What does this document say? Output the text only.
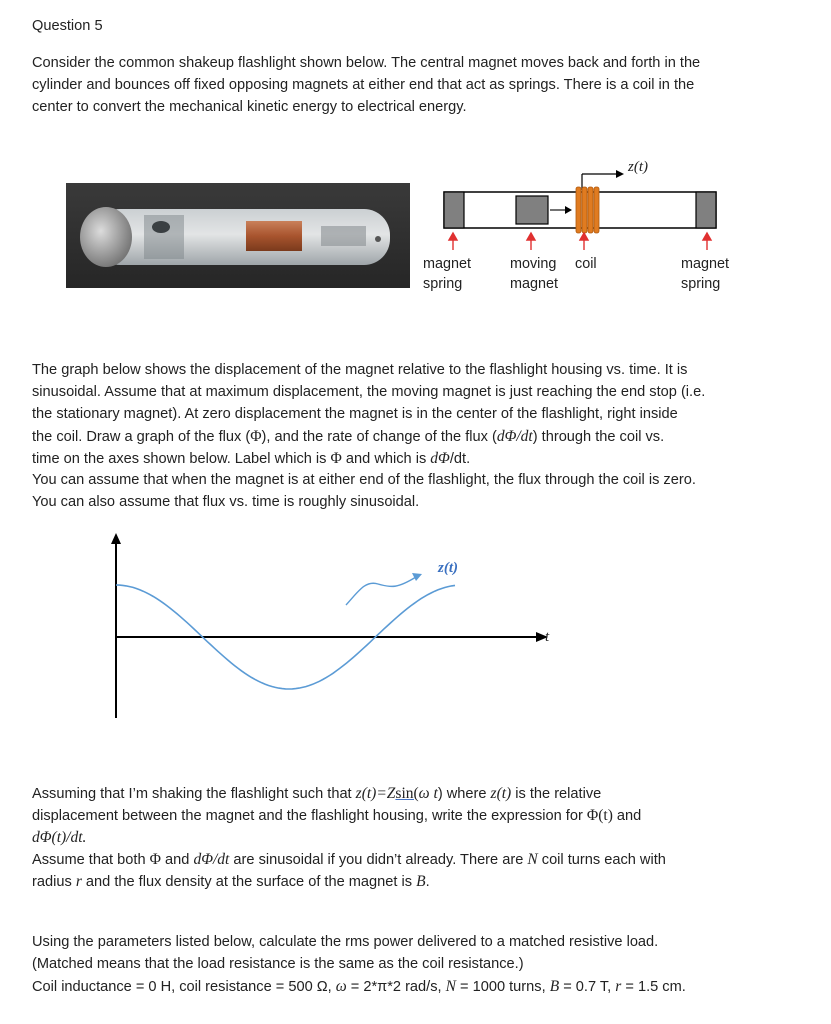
Question 5
Consider the common shakeup flashlight shown below. The central magnet moves back and forth in the
cylinder and bounces off fixed opposing magnets at either end that act as springs. There is a coil in the
center to convert the mechanical kinetic energy to electrical energy.
z(t)
magnet
spring
moving
magnet
coil	magnet
spring
The graph below shows the displacement of the magnet relative to the flashlight housing vs. time. It is
sinusoidal. Assume that at maximum displacement, the moving magnet is just reaching the end stop (i.e.
the stationary magnet). At zero displacement the magnet is in the center of the flashlight, right inside
the coil. Draw a graph of the flux (Φ), and the rate of change of the flux (dΦ/dt) through the coil vs.
time on the axes shown below. Label which is Φ and which is dΦ/dt.
You can assume that when the magnet is at either end of the flashlight, the flux through the coil is zero.
You can also assume that flux vs. time is roughly sinusoidal.
z(t)
t
Assuming that I’m shaking the flashlight such that z(t)=Zsin(ω t) where z(t) is the relative
displacement between the magnet and the flashlight housing, write the expression for Φ(t) and
dΦ(t)/dt.
Assume that both Φ and dΦ/dt are sinusoidal if you didn’t already. There are N coil turns each with
radius r and the flux density at the surface of the magnet is B.
Using the parameters listed below, calculate the rms power delivered to a matched resistive load.
(Matched means that the load resistance is the same as the coil resistance.)
Coil inductance = 0 H, coil resistance = 500 Ω, ω = 2*π*2 rad/s, N = 1000 turns, B = 0.7 T, r = 1.5 cm.
